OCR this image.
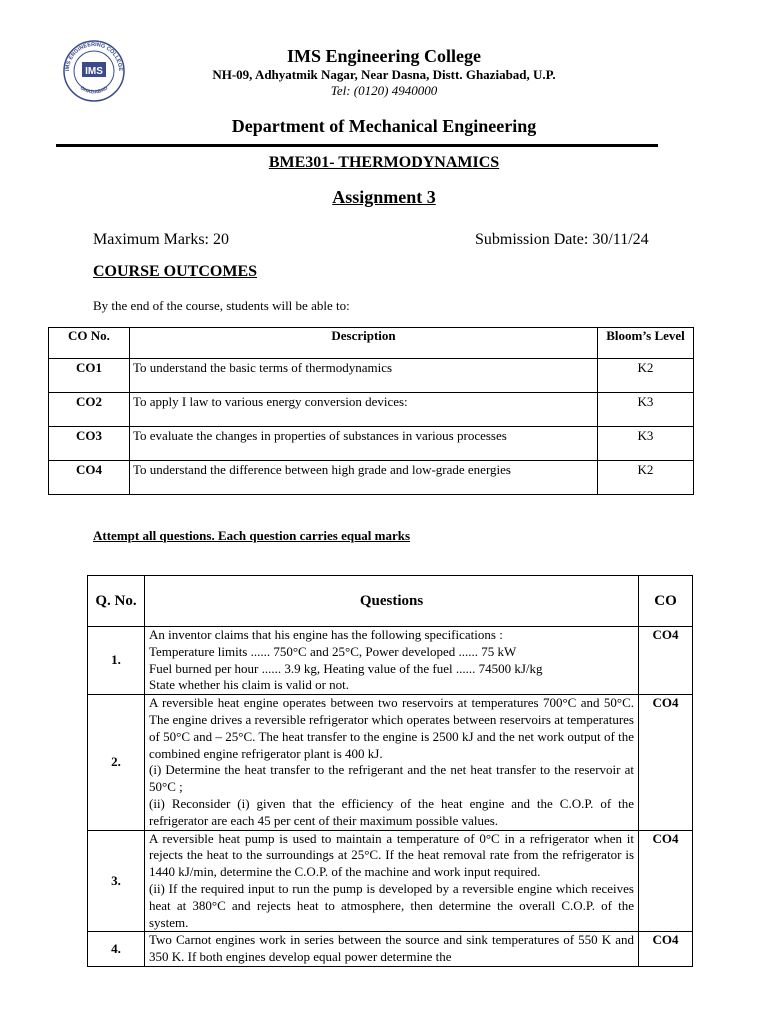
IMS ENGINEERING COLLEGE
GHAZIABAD
IMS
IMS Engineering College
NH-09, Adhyatmik Nagar, Near Dasna, Distt. Ghaziabad, U.P.
Tel: (0120) 4940000
Department of Mechanical Engineering
BME301- THERMODYNAMICS
Assignment 3
Maximum Marks: 20	Submission Date: 30/11/24
COURSE OUTCOMES
By the end of the course, students will be able to:
CO No.	Description	Bloom’s Level
CO1	To understand the basic terms of thermodynamics	K2
CO2	To apply I law to various energy conversion devices:	K3
CO3	To evaluate the changes in properties of substances in various processes	K3
CO4	To understand the difference between high grade and low-grade energies	K2
Attempt all questions. Each question carries equal marks
Q. No.	Questions	CO
1.	An inventor claims that his engine has the following specifications :
Temperature limits ...... 750°C and 25°C, Power developed ...... 75 kW
Fuel burned per hour ...... 3.9 kg, Heating value of the fuel ...... 74500 kJ/kg
State whether his claim is valid or not.	CO4
2.	A reversible heat engine operates between two reservoirs at temperatures 700°C and 50°C. The engine drives a reversible refrigerator which operates between reservoirs at temperatures of 50°C and – 25°C. The heat transfer to the engine is 2500 kJ and the net work output of the combined engine refrigerator plant is 400 kJ.
(i) Determine the heat transfer to the refrigerant and the net heat transfer to the reservoir at 50°C ;
(ii) Reconsider (i) given that the efficiency of the heat engine and the C.O.P. of the refrigerator are each 45 per cent of their maximum possible values.	CO4
3.	A reversible heat pump is used to maintain a temperature of 0°C in a refrigerator when it rejects the heat to the surroundings at 25°C. If the heat removal rate from the refrigerator is 1440 kJ/min, determine the C.O.P. of the machine and work input required.
(ii) If the required input to run the pump is developed by a reversible engine which receives heat at 380°C and rejects heat to atmosphere, then determine the overall C.O.P. of the system.	CO4
4.	Two Carnot engines work in series between the source and sink temperatures of 550 K and 350 K. If both engines develop equal power determine the	CO4
